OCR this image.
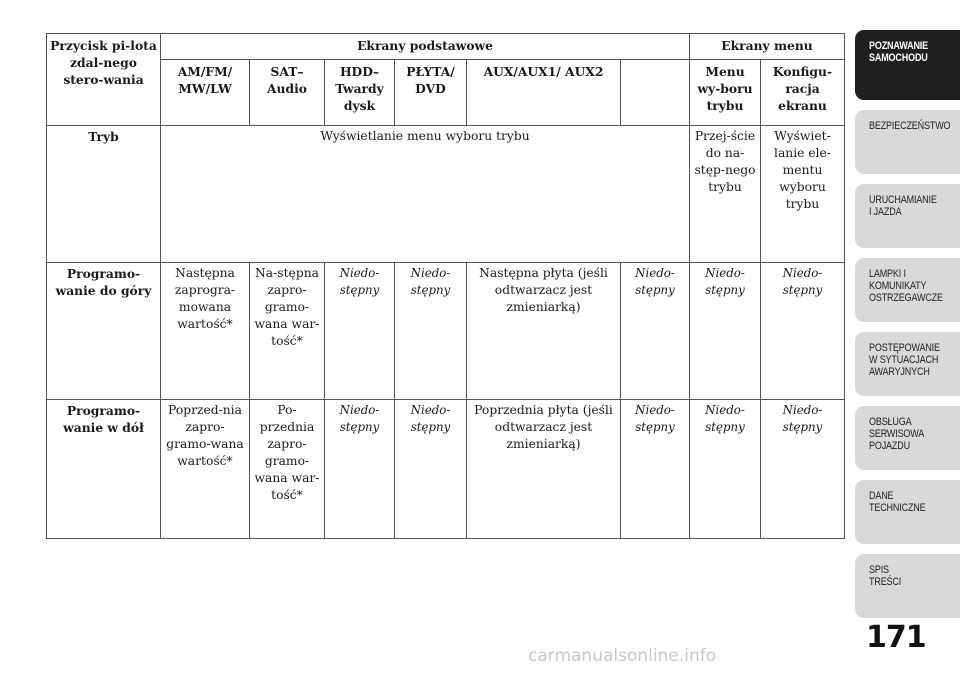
Przycisk pi-lota zdal-nego stero-wania	Ekrany podstawowe						Ekrany menu	
	AM/FM/ MW/LW	SAT– Audio	HDD– Twardy dysk	PŁYTA/ DVD	AUX/AUX1/ AUX2		Menu wy-boru trybu	Konfigu-racja ekranu
Tryb	Wyświetlanie menu wyboru trybu						Przej-ście do na-stęp-nego trybu	Wyświet-lanie ele-mentu wyboru trybu
Programo-wanie do góry	Następna zaprogra-mowana wartość*	Na-stępna zapro-gramo-wana war-tość*	Niedo-stępny	Niedo-stępny	Następna płyta (jeśli odtwarzacz jest zmieniarką)	Niedo-stępny	Niedo-stępny	Niedo-stępny
Programo-wanie w dół	Poprzed-nia zapro-gramo-wana wartość*	Po-przednia zapro-gramo-wana war-tość*	Niedo-stępny	Niedo-stępny	Poprzednia płyta (jeśli odtwarzacz jest zmieniarką)	Niedo-stępny	Niedo-stępny	Niedo-stępny
POZNAWANIE
SAMOCHODU
BEZPIECZEŃSTWO
URUCHAMIANIE
I JAZDA
LAMPKI I
KOMUNIKATY
OSTRZEGAWCZE
POSTĘPOWANIE
W SYTUACJACH
AWARYJNYCH
OBSŁUGA
SERWISOWA
POJAZDU
DANE
TECHNICZNE
SPIS
TREŚCI
171
carmanualsonline.info
